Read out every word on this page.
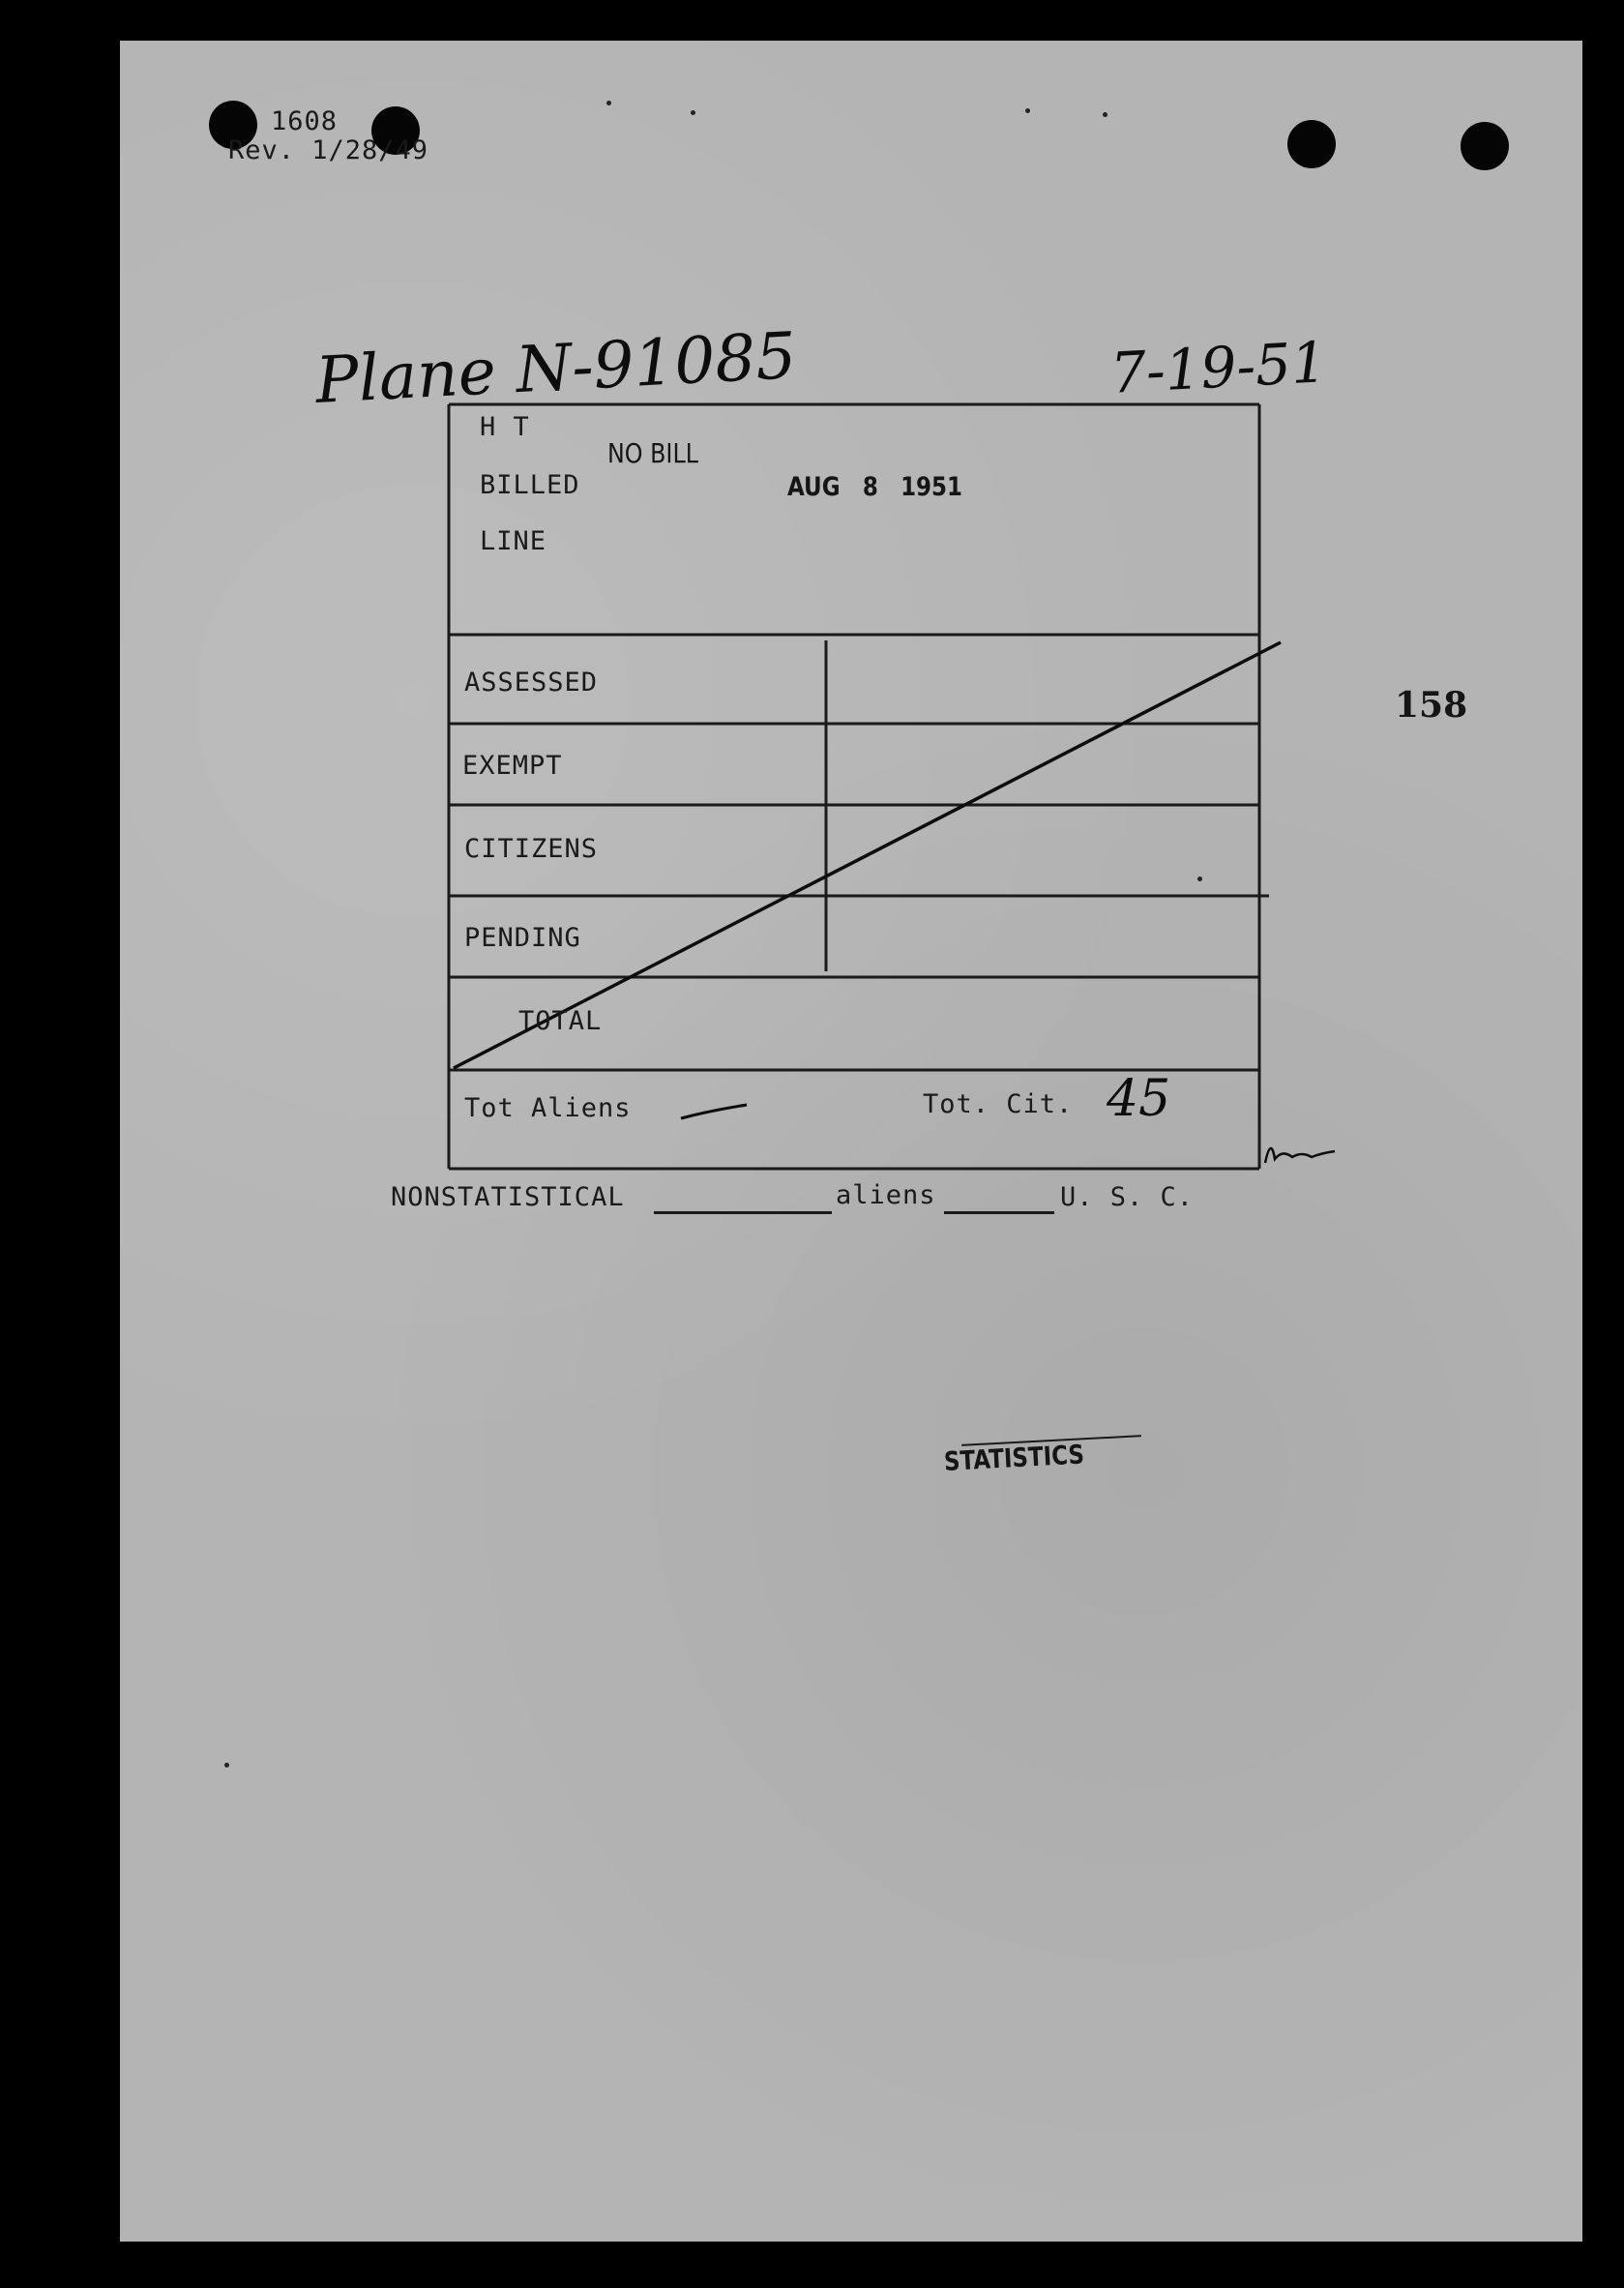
1608
Rev. 1/28/49
Plane N-91085	7-19-51
158
H T
BILLED
LINE
NO BILL
AUG 8 1951
ASSESSED
EXEMPT
CITIZENS
PENDING
TOTAL
Tot Aliens	Tot. Cit. 45
NONSTATISTICAL	aliens	U. S. C.
STATISTICS
